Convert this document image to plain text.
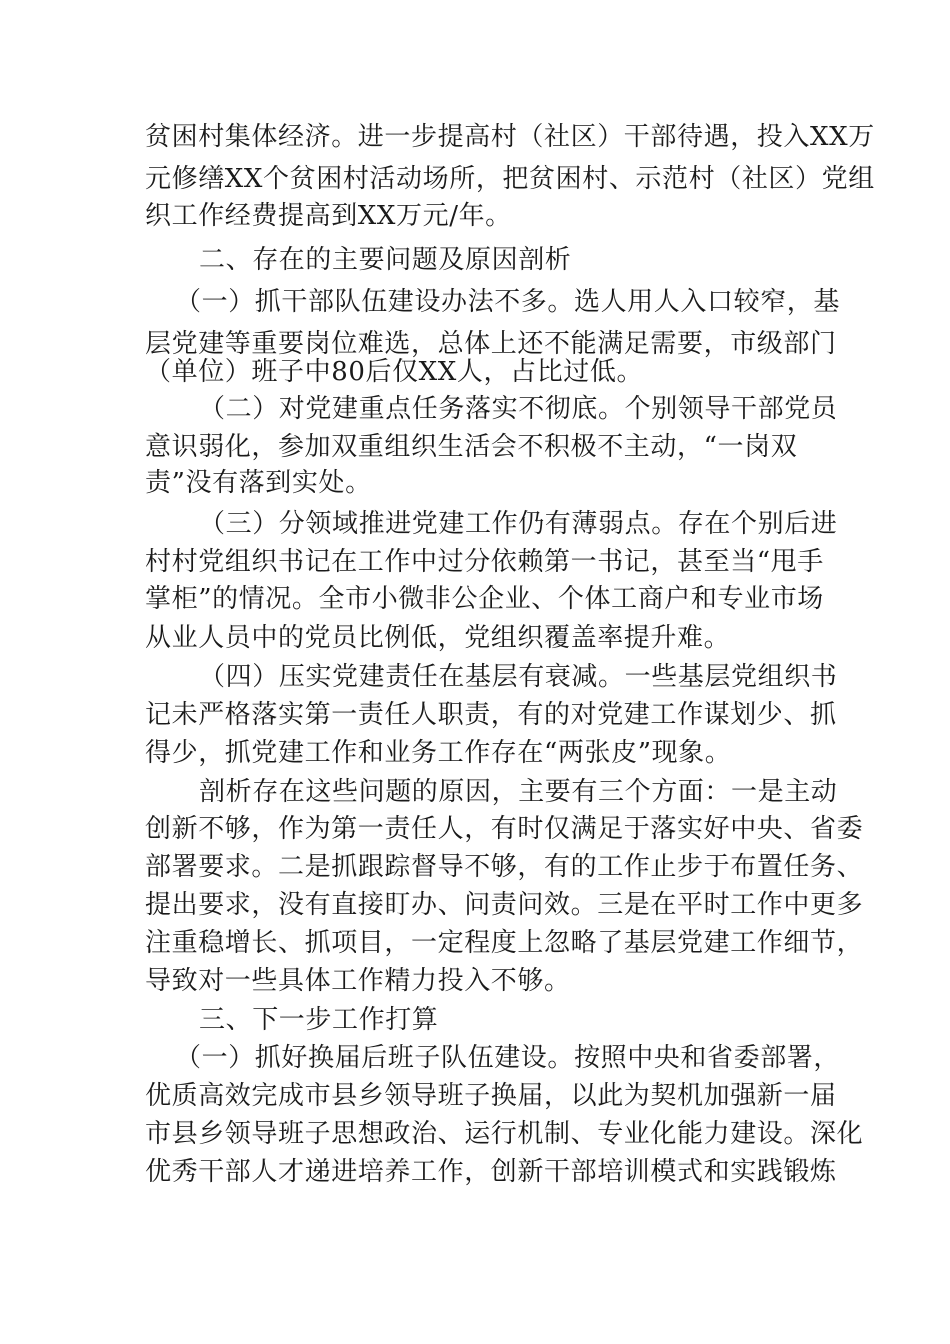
贫困村集体经济。进一步提高村（社区）干部待遇，投入XX万
元修缮XX个贫困村活动场所，把贫困村、示范村（社区）党组
织工作经费提高到XX万元/年。
二、存在的主要问题及原因剖析
（一）抓干部队伍建设办法不多。选人用人入口较窄，基
层党建等重要岗位难选，总体上还不能满足需要，市级部门
（单位）班子中80后仅XX人，占比过低。
（二）对党建重点任务落实不彻底。个别领导干部党员
意识弱化，参加双重组织生活会不积极不主动，“一岗双
责”没有落到实处。
（三）分领域推进党建工作仍有薄弱点。存在个别后进
村村党组织书记在工作中过分依赖第一书记，甚至当“甩手
掌柜”的情况。全市小微非公企业、个体工商户和专业市场
从业人员中的党员比例低，党组织覆盖率提升难。
（四）压实党建责任在基层有衰减。一些基层党组织书
记未严格落实第一责任人职责，有的对党建工作谋划少、抓
得少，抓党建工作和业务工作存在“两张皮”现象。
剖析存在这些问题的原因，主要有三个方面：一是主动
创新不够，作为第一责任人，有时仅满足于落实好中央、省委
部署要求。二是抓跟踪督导不够，有的工作止步于布置任务、
提出要求，没有直接盯办、问责问效。三是在平时工作中更多
注重稳增长、抓项目，一定程度上忽略了基层党建工作细节，
导致对一些具体工作精力投入不够。
三、下一步工作打算
（一）抓好换届后班子队伍建设。按照中央和省委部署，
优质高效完成市县乡领导班子换届，以此为契机加强新一届
市县乡领导班子思想政治、运行机制、专业化能力建设。深化
优秀干部人才递进培养工作，创新干部培训模式和实践锻炼
